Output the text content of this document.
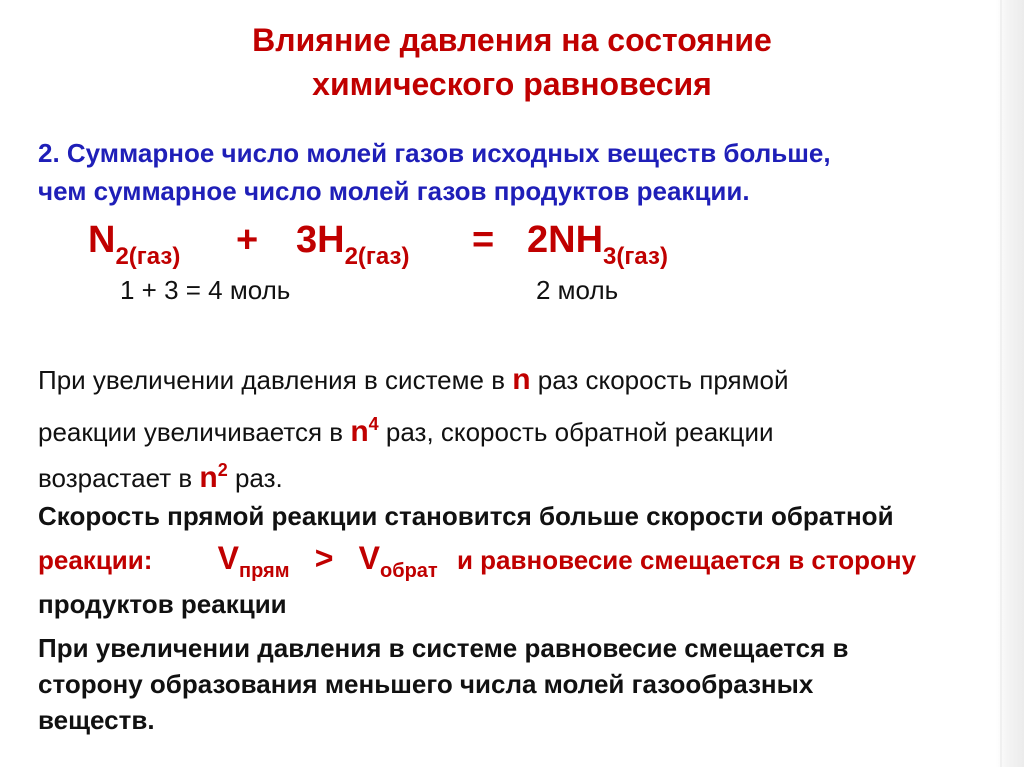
Влияние давления на состояние
химического равновесия
2. Суммарное число молей газов исходных веществ больше,
чем суммарное число молей газов продуктов реакции.
$N_{2(газ)} + 3H_{2(газ)} = 2NH_{3(газ)}$
1 + 3 = 4 моль	2 моль
При увеличении давления в системе в n раз скорость прямой
реакции увеличивается в $n^4$ раз, скорость обратной реакции
возрастает в $n^2$ раз.
Скорость прямой реакции становится больше скорости обратной
реакции: $V_{прям} > V_{обрат}$ и равновесие смещается в сторону
продуктов реакции
При увеличении давления в системе равновесие смещается в
сторону образования меньшего числа молей газообразных
веществ.
